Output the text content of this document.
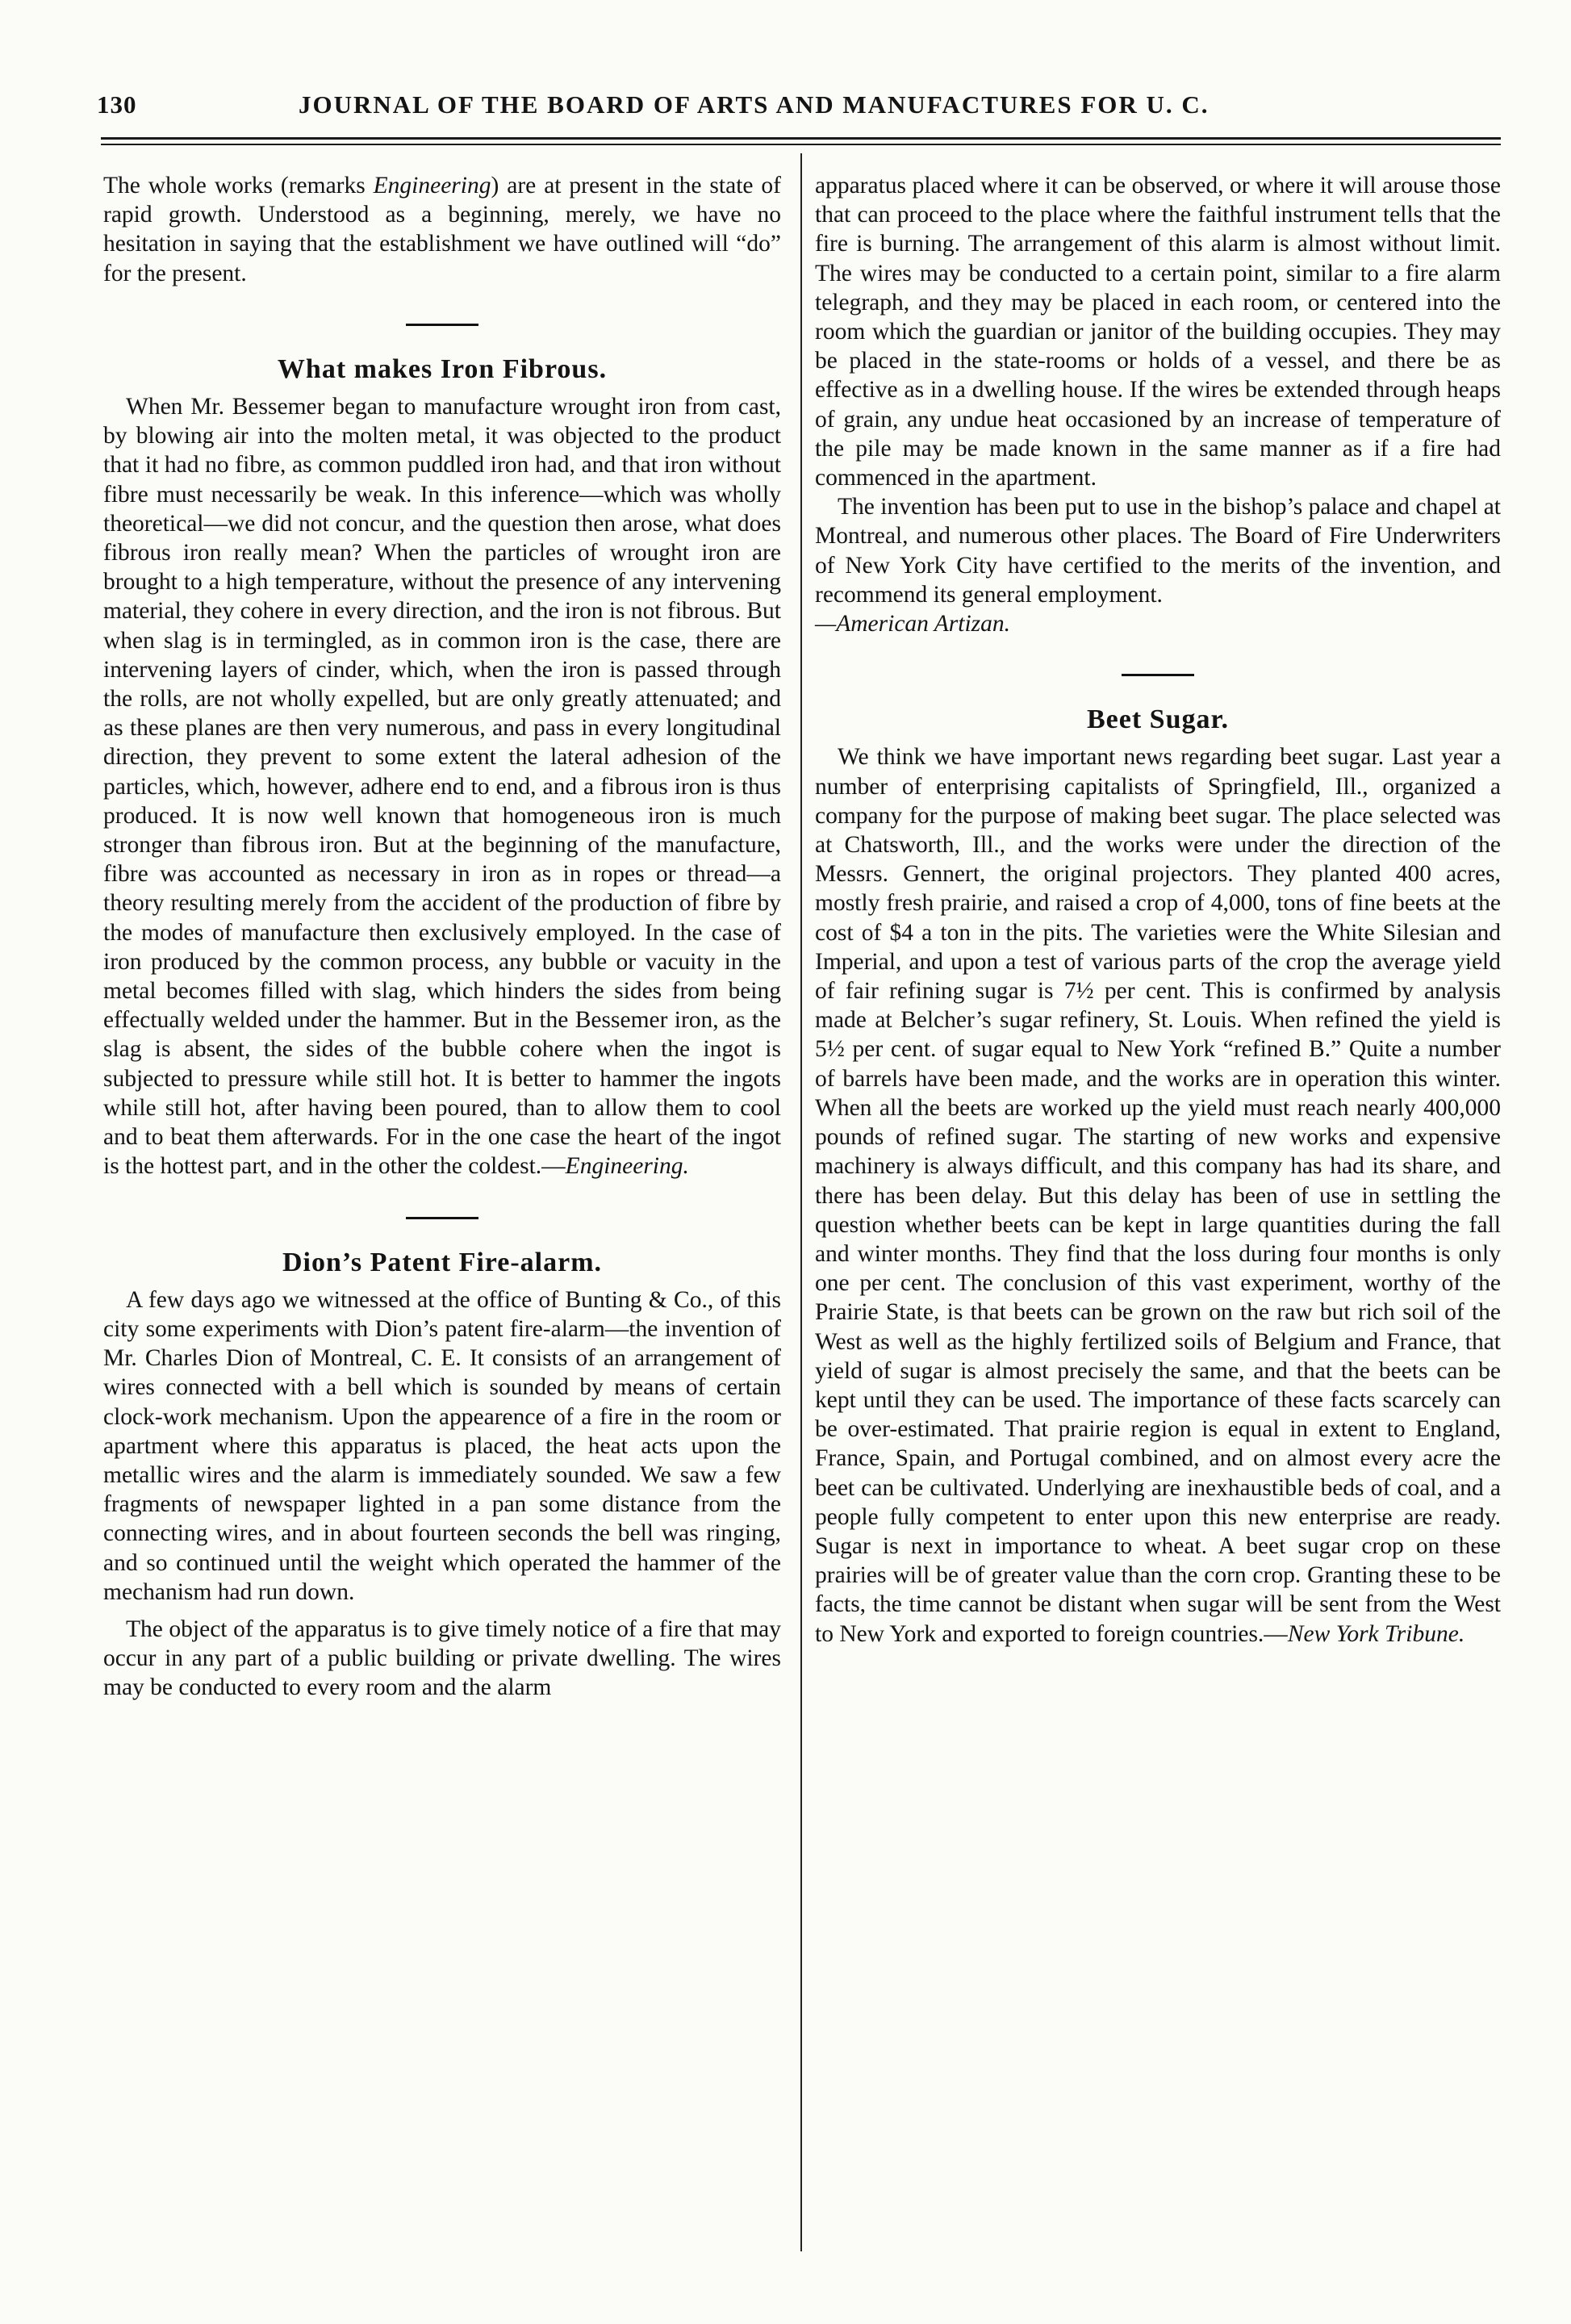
130	JOURNAL OF THE BOARD OF ARTS AND MANUFACTURES FOR U. C.

The whole works (remarks Engineering) are at present in the state of rapid growth. Understood as a beginning, merely, we have no hesitation in saying that the establishment we have outlined will “do” for the present.

What makes Iron Fibrous.

When Mr. Bessemer began to manufacture wrought iron from cast, by blowing air into the molten metal, it was objected to the product that it had no fibre, as common puddled iron had, and that iron without fibre must necessarily be weak. In this inference—which was wholly theoretical—we did not concur, and the question then arose, what does fibrous iron really mean? When the particles of wrought iron are brought to a high temperature, without the presence of any intervening material, they cohere in every direction, and the iron is not fibrous. But when slag is in termingled, as in common iron is the case, there are intervening layers of cinder, which, when the iron is passed through the rolls, are not wholly expelled, but are only greatly attenuated; and as these planes are then very numerous, and pass in every longitudinal direction, they prevent to some extent the lateral adhesion of the particles, which, however, adhere end to end, and a fibrous iron is thus produced. It is now well known that homogeneous iron is much stronger than fibrous iron. But at the beginning of the manufacture, fibre was accounted as necessary in iron as in ropes or thread—a theory resulting merely from the accident of the production of fibre by the modes of manufacture then exclusively employed. In the case of iron produced by the common process, any bubble or vacuity in the metal becomes filled with slag, which hinders the sides from being effectually welded under the hammer. But in the Bessemer iron, as the slag is absent, the sides of the bubble cohere when the ingot is subjected to pressure while still hot. It is better to hammer the ingots while still hot, after having been poured, than to allow them to cool and to beat them afterwards. For in the one case the heart of the ingot is the hottest part, and in the other the coldest.—Engineering.

Dion’s Patent Fire-alarm.

A few days ago we witnessed at the office of Bunting & Co., of this city some experiments with Dion’s patent fire-alarm—the invention of Mr. Charles Dion of Montreal, C. E. It consists of an arrangement of wires connected with a bell which is sounded by means of certain clock-work mechanism. Upon the appearence of a fire in the room or apartment where this apparatus is placed, the heat acts upon the metallic wires and the alarm is immediately sounded. We saw a few fragments of newspaper lighted in a pan some distance from the connecting wires, and in about fourteen seconds the bell was ringing, and so continued until the weight which operated the hammer of the mechanism had run down.

The object of the apparatus is to give timely notice of a fire that may occur in any part of a public building or private dwelling. The wires may be conducted to every room and the alarm

apparatus placed where it can be observed, or where it will arouse those that can proceed to the place where the faithful instrument tells that the fire is burning. The arrangement of this alarm is almost without limit. The wires may be conducted to a certain point, similar to a fire alarm telegraph, and they may be placed in each room, or centered into the room which the guardian or janitor of the building occupies. They may be placed in the state-rooms or holds of a vessel, and there be as effective as in a dwelling house. If the wires be extended through heaps of grain, any undue heat occasioned by an increase of temperature of the pile may be made known in the same manner as if a fire had commenced in the apartment.

The invention has been put to use in the bishop’s palace and chapel at Montreal, and numerous other places. The Board of Fire Underwriters of New York City have certified to the merits of the invention, and recommend its general employment.
—American Artizan.

Beet Sugar.

We think we have important news regarding beet sugar. Last year a number of enterprising capitalists of Springfield, Ill., organized a company for the purpose of making beet sugar. The place selected was at Chatsworth, Ill., and the works were under the direction of the Messrs. Gennert, the original projectors. They planted 400 acres, mostly fresh prairie, and raised a crop of 4,000, tons of fine beets at the cost of $4 a ton in the pits. The varieties were the White Silesian and Imperial, and upon a test of various parts of the crop the average yield of fair refining sugar is 7½ per cent. This is confirmed by analysis made at Belcher’s sugar refinery, St. Louis. When refined the yield is 5½ per cent. of sugar equal to New York “refined B.” Quite a number of barrels have been made, and the works are in operation this winter. When all the beets are worked up the yield must reach nearly 400,000 pounds of refined sugar. The starting of new works and expensive machinery is always difficult, and this company has had its share, and there has been delay. But this delay has been of use in settling the question whether beets can be kept in large quantities during the fall and winter months. They find that the loss during four months is only one per cent. The conclusion of this vast experiment, worthy of the Prairie State, is that beets can be grown on the raw but rich soil of the West as well as the highly fertilized soils of Belgium and France, that yield of sugar is almost precisely the same, and that the beets can be kept until they can be used. The importance of these facts scarcely can be over-estimated. That prairie region is equal in extent to England, France, Spain, and Portugal combined, and on almost every acre the beet can be cultivated. Underlying are inexhaustible beds of coal, and a people fully competent to enter upon this new enterprise are ready. Sugar is next in importance to wheat. A beet sugar crop on these prairies will be of greater value than the corn crop. Granting these to be facts, the time cannot be distant when sugar will be sent from the West to New York and exported to foreign countries.—New York Tribune.
